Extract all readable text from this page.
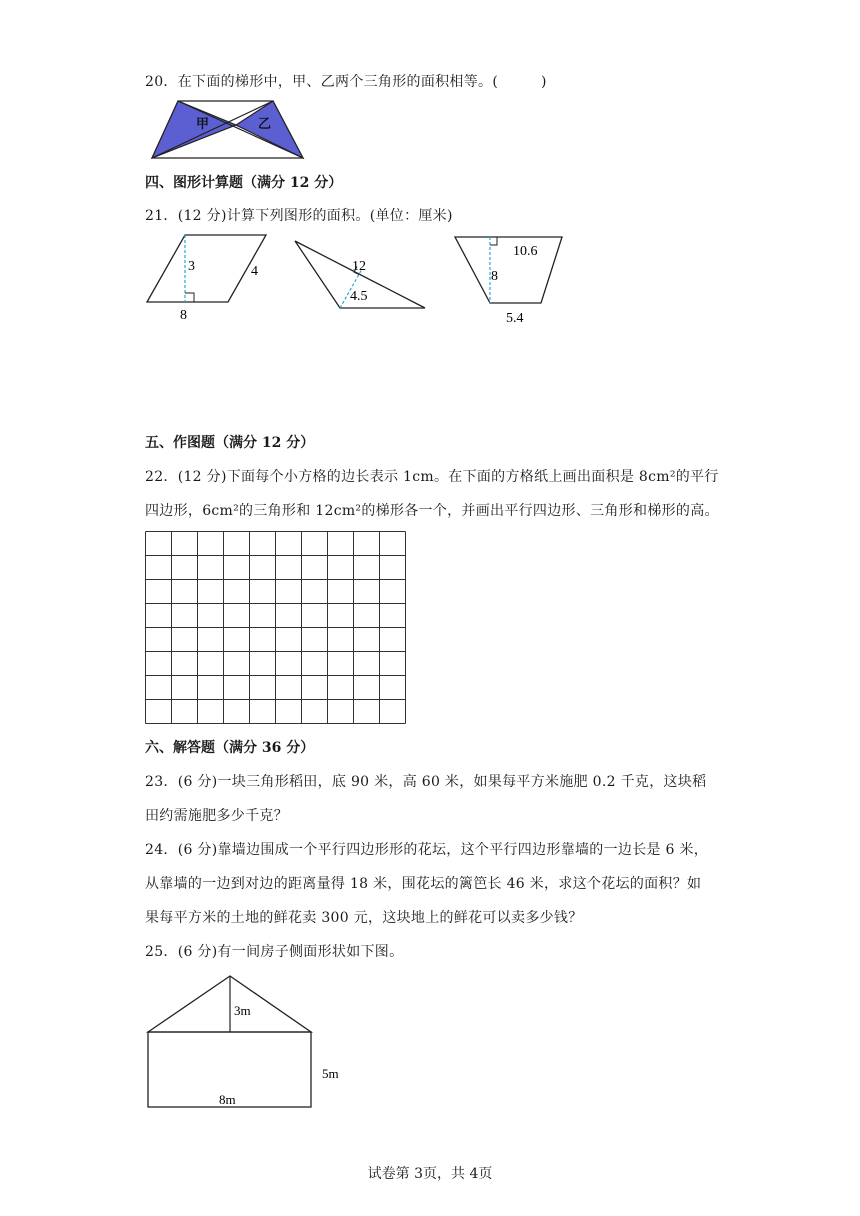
20．在下面的梯形中，甲、乙两个三角形的面积相等。(　　　)
甲	乙
四、图形计算题（满分 12 分）
21．(12 分)计算下列图形的面积。(单位：厘米)
3	4
8
12
4.5
10.6
8
5.4
五、作图题（满分 12 分）
22．(12 分)下面每个小方格的边长表示 1cm。在下面的方格纸上画出面积是 8cm²的平行
四边形，6cm²的三角形和 12cm²的梯形各一个，并画出平行四边形、三角形和梯形的高。
六、解答题（满分 36 分）
23．(6 分)一块三角形稻田，底 90 米，高 60 米，如果每平方米施肥 0.2 千克，这块稻
田约需施肥多少千克？
24．(6 分)靠墙边围成一个平行四边形形的花坛，这个平行四边形靠墙的一边长是 6 米，
从靠墙的一边到对边的距离量得 18 米，围花坛的篱笆长 46 米，求这个花坛的面积？如
果每平方米的土地的鲜花卖 300 元，这块地上的鲜花可以卖多少钱？
25．(6 分)有一间房子侧面形状如下图。
3m
5m
8m
试卷第 3页，共 4页
